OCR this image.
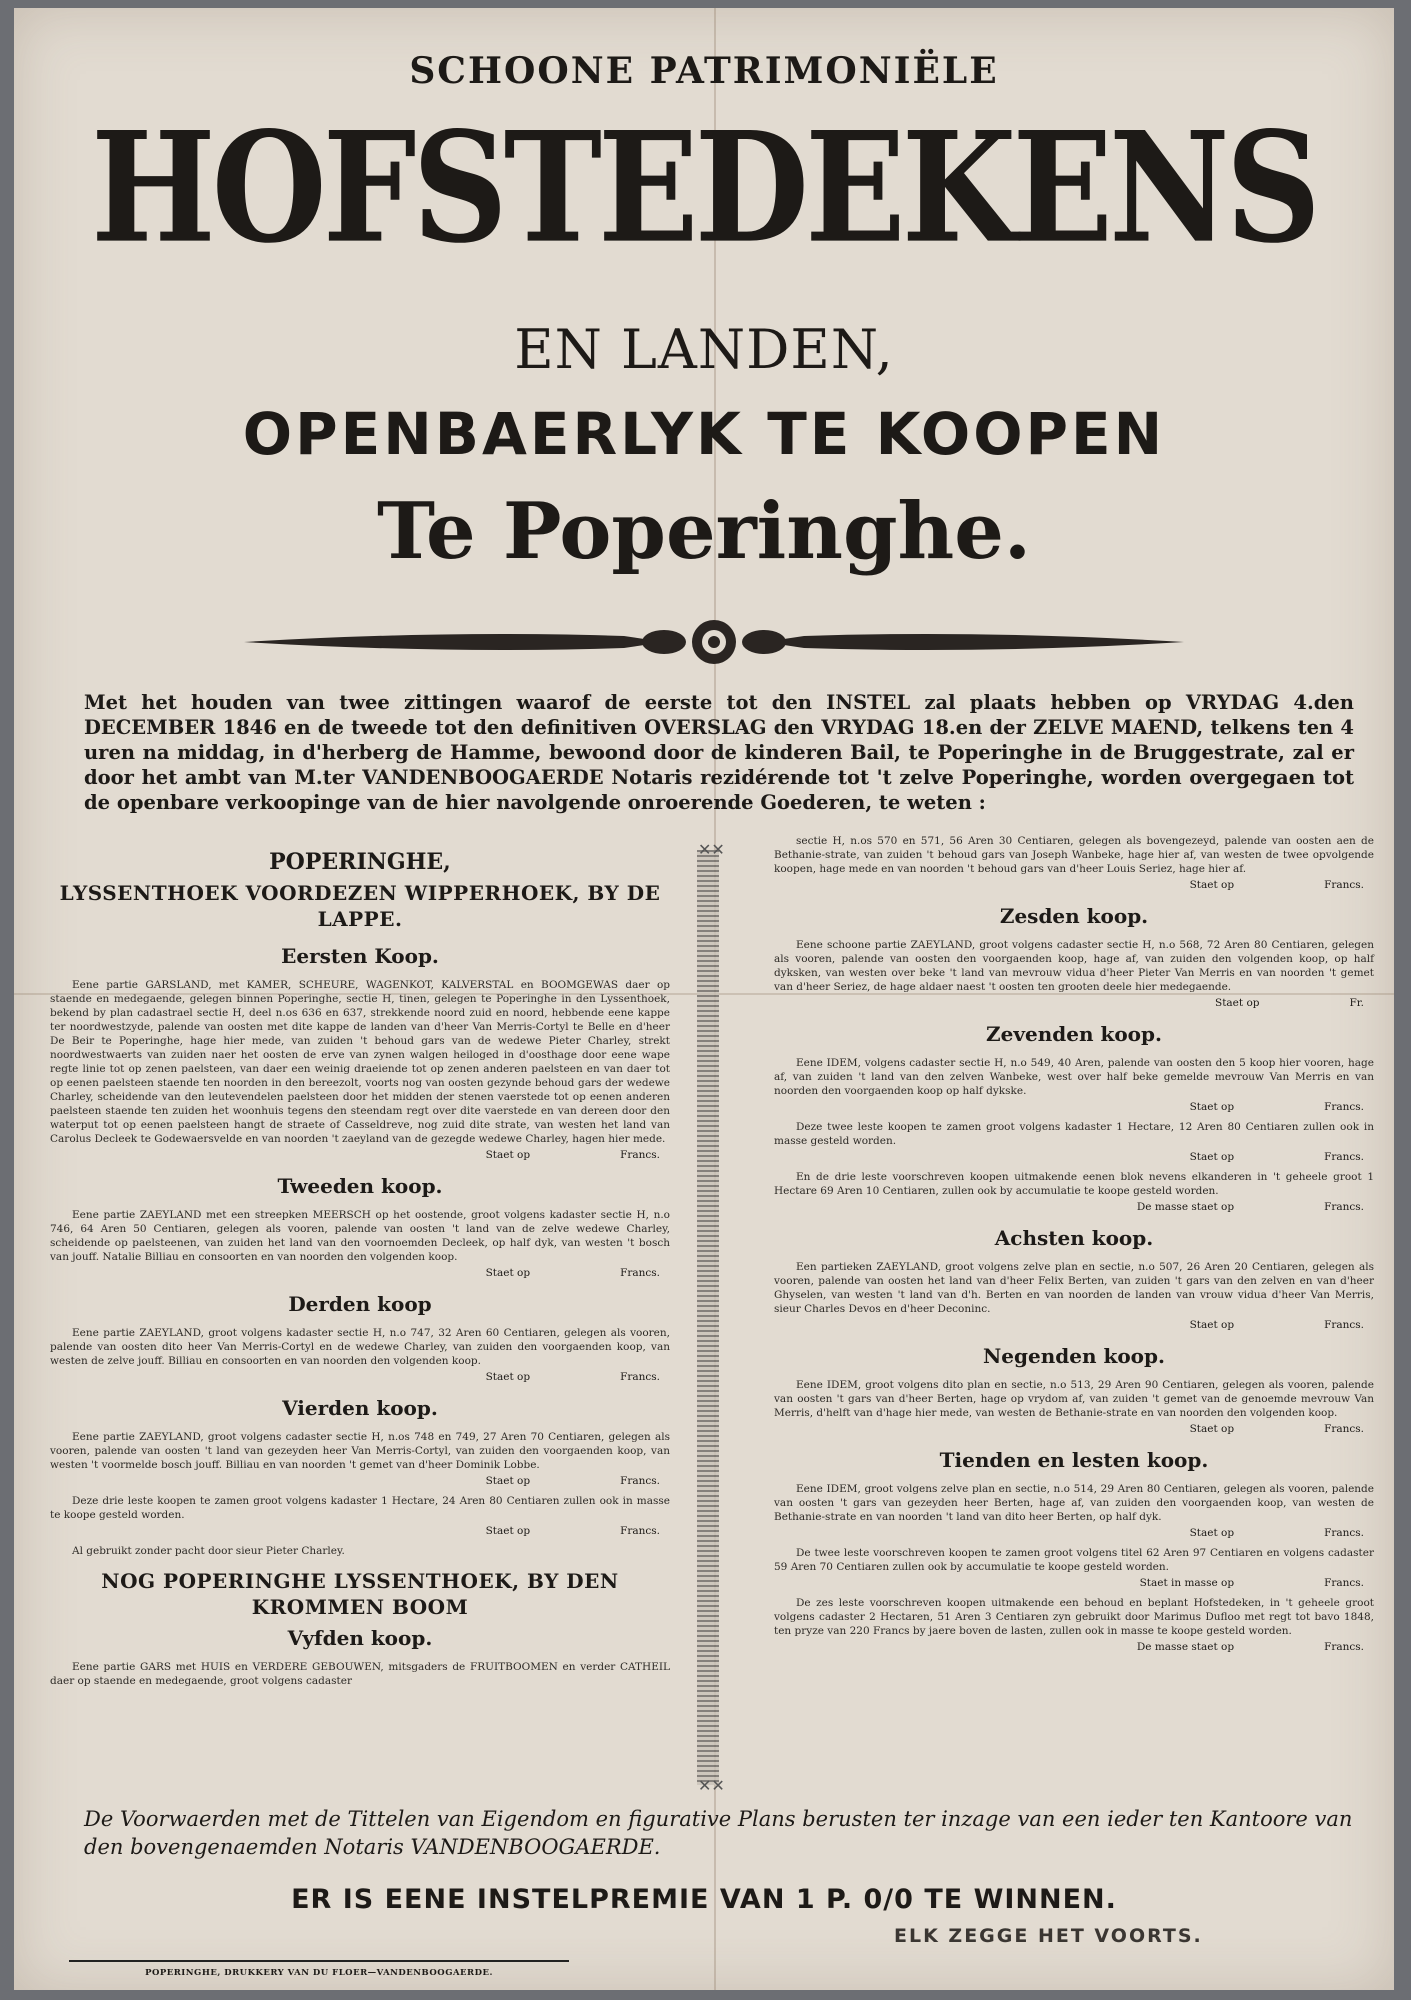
SCHOONE PATRIMONIËLE
HOFSTEDEKENS
EN LANDEN,
OPENBAERLYK TE KOOPEN
Te Poperinghe.
Met het houden van twee zittingen waarof de eerste tot den INSTEL zal plaats hebben op VRYDAG 4.den DECEMBER 1846 en de tweede tot den definitiven OVERSLAG den VRYDAG 18.en der ZELVE MAEND, telkens ten 4 uren na middag, in d'herberg de Hamme, bewoond door de kinderen Bail, te Poperinghe in de Bruggestrate, zal er door het ambt van M.ter VANDENBOOGAERDE Notaris rezidérende tot 't zelve Poperinghe, worden overgegaen tot de openbare verkoopinge van de hier navolgende onroerende Goederen, te weten :
✕✕
✕✕
POPERINGHE,
LYSSENTHOEK VOORDEZEN WIPPERHOEK, BY DE LAPPE.
Eersten Koop.
Eene partie GARSLAND, met KAMER, SCHEURE, WAGENKOT, KALVERSTAL en BOOMGEWAS daer op staende en medegaende, gelegen binnen Poperinghe, sectie H, tinen, gelegen te Poperinghe in den Lyssenthoek, bekend by plan cadastrael sectie H, deel n.os 636 en 637, strekkende noord zuid en noord, hebbende eene kappe ter noordwestzyde, palende van oosten met dite kappe de landen van d'heer Van Merris-Cortyl te Belle en d'heer De Beir te Poperinghe, hage hier mede, van zuiden 't behoud gars van de wedewe Pieter Charley, strekt noordwestwaerts van zuiden naer het oosten de erve van zynen walgen heiloged in d'oosthage door eene wape regte linie tot op zenen paelsteen, van daer een weinig draeiende tot op zenen anderen paelsteen en van daer tot op eenen paelsteen staende ten noorden in den bereezolt, voorts nog van oosten gezynde behoud gars der wedewe Charley, scheidende van den leutevendelen paelsteen door het midden der stenen vaerstede tot op eenen anderen paelsteen staende ten zuiden het woonhuis tegens den steendam regt over dite vaerstede en van dereen door den waterput tot op eenen paelsteen hangt de straete of Casseldreve, nog zuid dite strate, van westen het land van Carolus Decleek te Godewaersvelde en van noorden 't zaeyland van de gezegde wedewe Charley, hagen hier mede.
Staet op	Francs.
Tweeden koop.
Eene partie ZAEYLAND met een streepken MEERSCH op het oostende, groot volgens kadaster sectie H, n.o 746, 64 Aren 50 Centiaren, gelegen als vooren, palende van oosten 't land van de zelve wedewe Charley, scheidende op paelsteenen, van zuiden het land van den voornoemden Decleek, op half dyk, van westen 't bosch van jouff. Natalie Billiau en consoorten en van noorden den volgenden koop.
Staet op	Francs.
Derden koop
Eene partie ZAEYLAND, groot volgens kadaster sectie H, n.o 747, 32 Aren 60 Centiaren, gelegen als vooren, palende van oosten dito heer Van Merris-Cortyl en de wedewe Charley, van zuiden den voorgaenden koop, van westen de zelve jouff. Billiau en consoorten en van noorden den volgenden koop.
Staet op	Francs.
Vierden koop.
Eene partie ZAEYLAND, groot volgens cadaster sectie H, n.os 748 en 749, 27 Aren 70 Centiaren, gelegen als vooren, palende van oosten 't land van gezeyden heer Van Merris-Cortyl, van zuiden den voorgaenden koop, van westen 't voormelde bosch jouff. Billiau en van noorden 't gemet van d'heer Dominik Lobbe.
Staet op	Francs.
Deze drie leste koopen te zamen groot volgens kadaster 1 Hectare, 24 Aren 80 Centiaren zullen ook in masse te koope gesteld worden.
Staet op	Francs.
Al gebruikt zonder pacht door sieur Pieter Charley.
NOG POPERINGHE LYSSENTHOEK, BY DEN KROMMEN BOOM
Vyfden koop.
Eene partie GARS met HUIS en VERDERE GEBOUWEN, mitsgaders de FRUITBOOMEN en verder CATHEIL daer op staende en medegaende, groot volgens cadaster
sectie H, n.os 570 en 571, 56 Aren 30 Centiaren, gelegen als bovengezeyd, palende van oosten aen de Bethanie-strate, van zuiden 't behoud gars van Joseph Wanbeke, hage hier af, van westen de twee opvolgende koopen, hage mede en van noorden 't behoud gars van d'heer Louis Seriez, hage hier af.
Staet op	Francs.
Zesden koop.
Eene schoone partie ZAEYLAND, groot volgens cadaster sectie H, n.o 568, 72 Aren 80 Centiaren, gelegen als vooren, palende van oosten den voorgaenden koop, hage af, van zuiden den volgenden koop, op half dyksken, van westen over beke 't land van mevrouw vidua d'heer Pieter Van Merris en van noorden 't gemet van d'heer Seriez, de hage aldaer naest 't oosten ten grooten deele hier medegaende.
Staet op	Fr.
Zevenden koop.
Eene IDEM, volgens cadaster sectie H, n.o 549, 40 Aren, palende van oosten den 5 koop hier vooren, hage af, van zuiden 't land van den zelven Wanbeke, west over half beke gemelde mevrouw Van Merris en van noorden den voorgaenden koop op half dykske.
Staet op	Francs.
Deze twee leste koopen te zamen groot volgens kadaster 1 Hectare, 12 Aren 80 Centiaren zullen ook in masse gesteld worden.
Staet op	Francs.
En de drie leste voorschreven koopen uitmakende eenen blok nevens elkanderen in 't geheele groot 1 Hectare 69 Aren 10 Centiaren, zullen ook by accumulatie te koope gesteld worden.
De masse staet op	Francs.
Achsten koop.
Een partieken ZAEYLAND, groot volgens zelve plan en sectie, n.o 507, 26 Aren 20 Centiaren, gelegen als vooren, palende van oosten het land van d'heer Felix Berten, van zuiden 't gars van den zelven en van d'heer Ghyselen, van westen 't land van d'h. Berten en van noorden de landen van vrouw vidua d'heer Van Merris, sieur Charles Devos en d'heer Deconinc.
Staet op	Francs.
Negenden koop.
Eene IDEM, groot volgens dito plan en sectie, n.o 513, 29 Aren 90 Centiaren, gelegen als vooren, palende van oosten 't gars van d'heer Berten, hage op vrydom af, van zuiden 't gemet van de genoemde mevrouw Van Merris, d'helft van d'hage hier mede, van westen de Bethanie-strate en van noorden den volgenden koop.
Staet op	Francs.
Tienden en lesten koop.
Eene IDEM, groot volgens zelve plan en sectie, n.o 514, 29 Aren 80 Centiaren, gelegen als vooren, palende van oosten 't gars van gezeyden heer Berten, hage af, van zuiden den voorgaenden koop, van westen de Bethanie-strate en van noorden 't land van dito heer Berten, op half dyk.
Staet op	Francs.
De twee leste voorschreven koopen te zamen groot volgens titel 62 Aren 97 Centiaren en volgens cadaster 59 Aren 70 Centiaren zullen ook by accumulatie te koope gesteld worden.
Staet in masse op	Francs.
De zes leste voorschreven koopen uitmakende een behoud en beplant Hofstedeken, in 't geheele groot volgens cadaster 2 Hectaren, 51 Aren 3 Centiaren zyn gebruikt door Marimus Dufloo met regt tot bavo 1848, ten pryze van 220 Francs by jaere boven de lasten, zullen ook in masse te koope gesteld worden.
De masse staet op	Francs.
De Voorwaerden met de Tittelen van Eigendom en figurative Plans berusten ter inzage van een ieder ten Kantoore van den bovengenaemden Notaris VANDENBOOGAERDE.
ER IS EENE INSTELPREMIE VAN 1 P. 0/0 TE WINNEN.
ELK ZEGGE HET VOORTS.
POPERINGHE, DRUKKERY VAN DU FLOER—VANDENBOOGAERDE.
